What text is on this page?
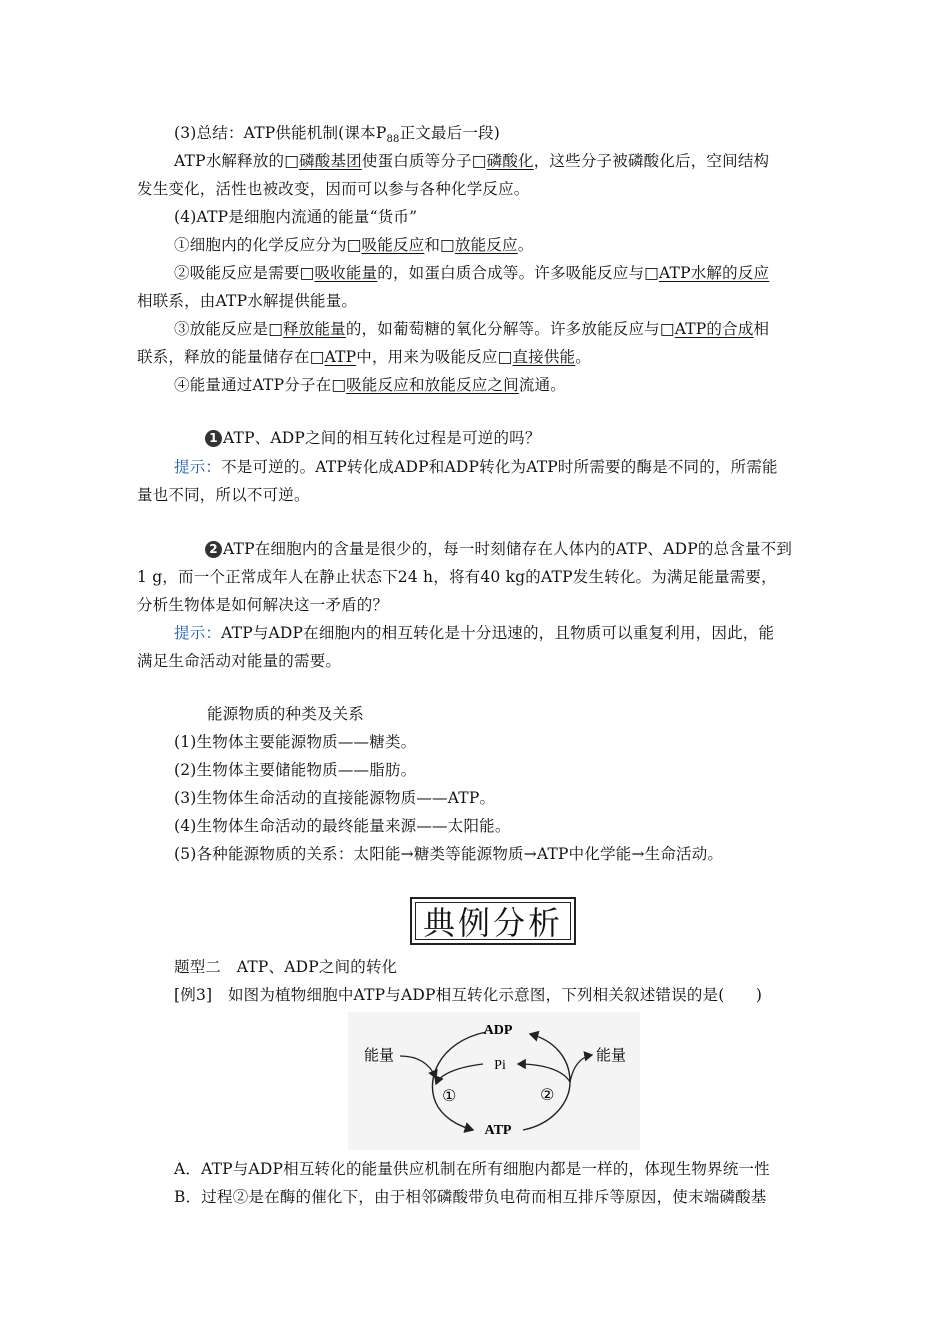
(3)总结：ATP供能机制(课本$P_{88}$正文最后一段)
ATP水解释放的□磷酸基团使蛋白质等分子□磷酸化，这些分子被磷酸化后，空间结构
发生变化，活性也被改变，因而可以参与各种化学反应。
(4)ATP是细胞内流通的能量“货币”
①细胞内的化学反应分为□吸能反应和□放能反应。
②吸能反应是需要□吸收能量的，如蛋白质合成等。许多吸能反应与□ATP水解的反应
相联系，由ATP水解提供能量。
③放能反应是□释放能量的，如葡萄糖的氧化分解等。许多放能反应与□ATP的合成相
联系，释放的能量储存在□ATP中，用来为吸能反应□直接供能。
④能量通过ATP分子在□吸能反应和放能反应之间流通。
1 ATP、ADP之间的相互转化过程是可逆的吗？
提示：不是可逆的。ATP转化成ADP和ADP转化为ATP时所需要的酶是不同的，所需能
量也不同，所以不可逆。
2 ATP在细胞内的含量是很少的，每一时刻储存在人体内的ATP、ADP的总含量不到
1 g，而一个正常成年人在静止状态下24 h，将有40 kg的ATP发生转化。为满足能量需要，
分析生物体是如何解决这一矛盾的？
提示：ATP与ADP在细胞内的相互转化是十分迅速的，且物质可以重复利用，因此，能
满足生命活动对能量的需要。
能源物质的种类及关系
(1)生物体主要能源物质——糖类。
(2)生物体主要储能物质——脂肪。
(3)生物体生命活动的直接能源物质——ATP。
(4)生物体生命活动的最终能量来源——太阳能。
(5)各种能源物质的关系：太阳能→糖类等能源物质→ATP中化学能→生命活动。
典例分析
题型二　ATP、ADP之间的转化
[例3]　如图为植物细胞中ATP与ADP相互转化示意图，下列相关叙述错误的是(　　)
ADP
Pi
ATP
能量	能量
①	②
A．ATP与ADP相互转化的能量供应机制在所有细胞内都是一样的，体现生物界统一性
B．过程②是在酶的催化下，由于相邻磷酸带负电荷而相互排斥等原因，使末端磷酸基
